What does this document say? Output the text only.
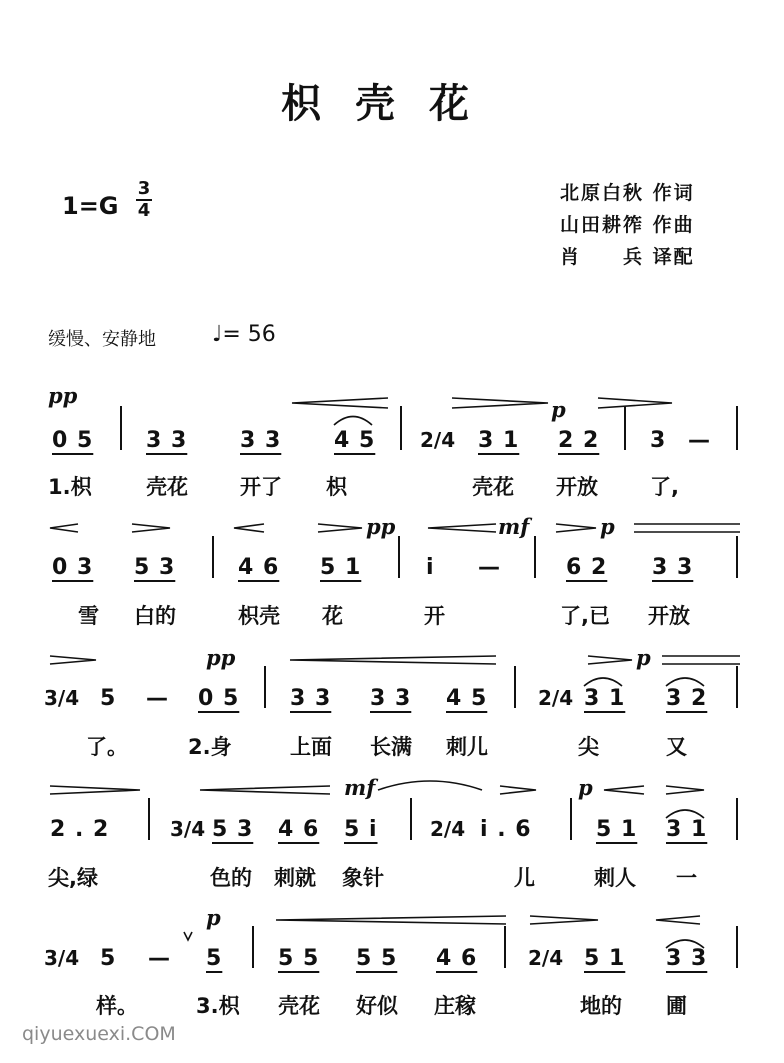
枳壳花
1=G
3
4
北原白秋 作词
山田耕筰 作曲
肖　　兵 译配
缓慢、安静地	♩= 56
pp
p
pp	mf	p
pp	p
mf	p
p
0 5 3 3 3 3 4 5 2/4 3 1 2 2 3 —
1.枳	壳花 开了 枳	壳花 开放 了,
0 3 5 3	4 6 5 1	i —	6 2 3 3
雪 白的	枳壳 花	开	了,已 开放
3/4 5 — 0 5 3 3 3 3 4 5	2/4 3 1 3 2
了。	2.身	上面 长满 刺儿	尖	又
2 . 2	3/4 5 3 4 6 5 i	2/4 i . 6	5 1 3 1
尖,绿	色的 刺就 象针	儿	刺人 一
3/4 5 — 5	5 5 5 5 4 6	2/4 5 1 3 3
样。	3.枳 壳花 好似 庄稼	地的 圃
qiyuexuexi.COM
